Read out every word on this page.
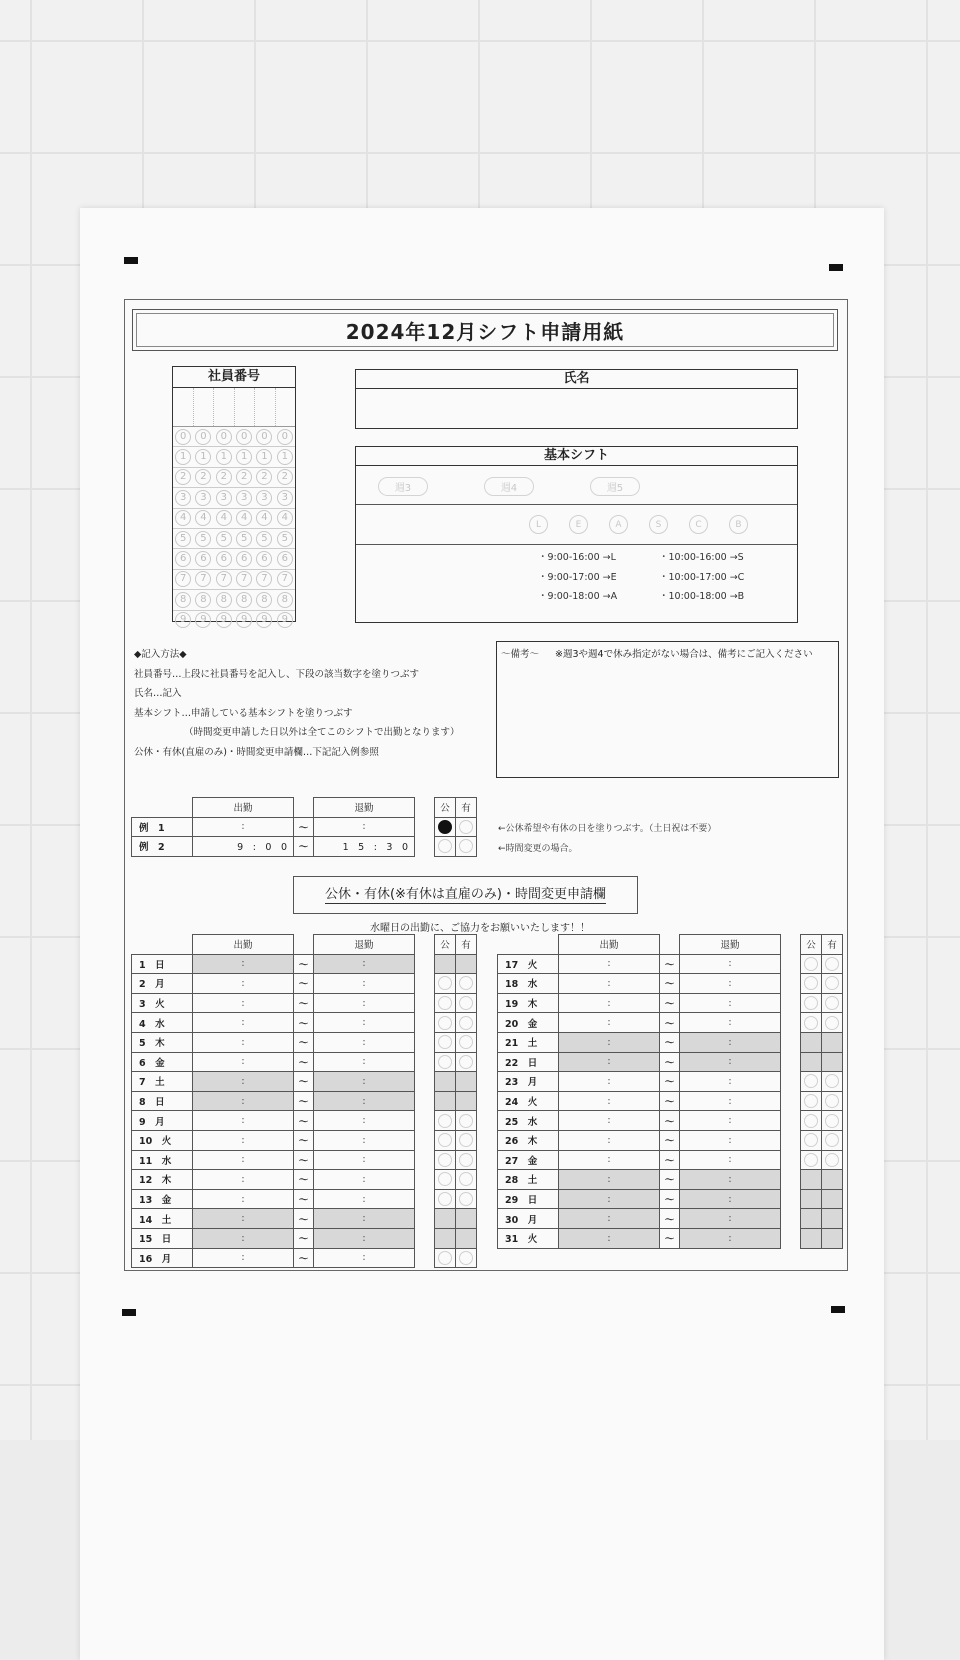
2024年12月シフト申請用紙
社員番号
0	0	0	0	0	0
1	1	1	1	1	1
2	2	2	2	2	2
3	3	3	3	3	3
4	4	4	4	4	4
5	5	5	5	5	5
6	6	6	6	6	6
7	7	7	7	7	7
8	8	8	8	8	8
9	9	9	9	9	9
氏名
基本シフト
週3	週4	週5
L	E	A	S	C	B
・9:00-16:00 →L	・10:00-16:00 →S
・9:00-17:00 →E	・10:00-17:00 →C
・9:00-18:00 →A	・10:00-18:00 →B
◆記入方法◆
社員番号…上段に社員番号を記入し、下段の該当数字を塗りつぶす
氏名…記入
基本シフト…申請している基本シフトを塗りつぶす
（時間変更申請した日以外は全てこのシフトで出勤となります）
公休・有休(直雇のみ)・時間変更申請欄…下記記入例参照
～備考～ ※週3や週4で休み指定がない場合は、備考にご記入ください
	出勤		退勤		公	有
例　1	:	～	:			
例　2	9　:　0　0	～	1　5　:　3　0			
←公休希望や有休の日を塗りつぶす。（土日祝は不要）
←時間変更の場合。
公休・有休(※有休は直雇のみ)・時間変更申請欄
水曜日の出勤に、ご協力をお願いいたします！！
	出勤		退勤		公	有
1　日	:	～	:			
2　月	:	～	:			
3　火	:	～	:			
4　水	:	～	:			
5　木	:	～	:			
6　金	:	～	:			
7　土	:	～	:			
8　日	:	～	:			
9　月	:	～	:			
10　火	:	～	:			
11　水	:	～	:			
12　木	:	～	:			
13　金	:	～	:			
14　土	:	～	:			
15　日	:	～	:			
16　月	:	～	:			
	出勤		退勤		公	有
17　火	:	～	:			
18　水	:	～	:			
19　木	:	～	:			
20　金	:	～	:			
21　土	:	～	:			
22　日	:	～	:			
23　月	:	～	:			
24　火	:	～	:			
25　水	:	～	:			
26　木	:	～	:			
27　金	:	～	:			
28　土	:	～	:			
29　日	:	～	:			
30　月	:	～	:			
31　火	:	～	:			
